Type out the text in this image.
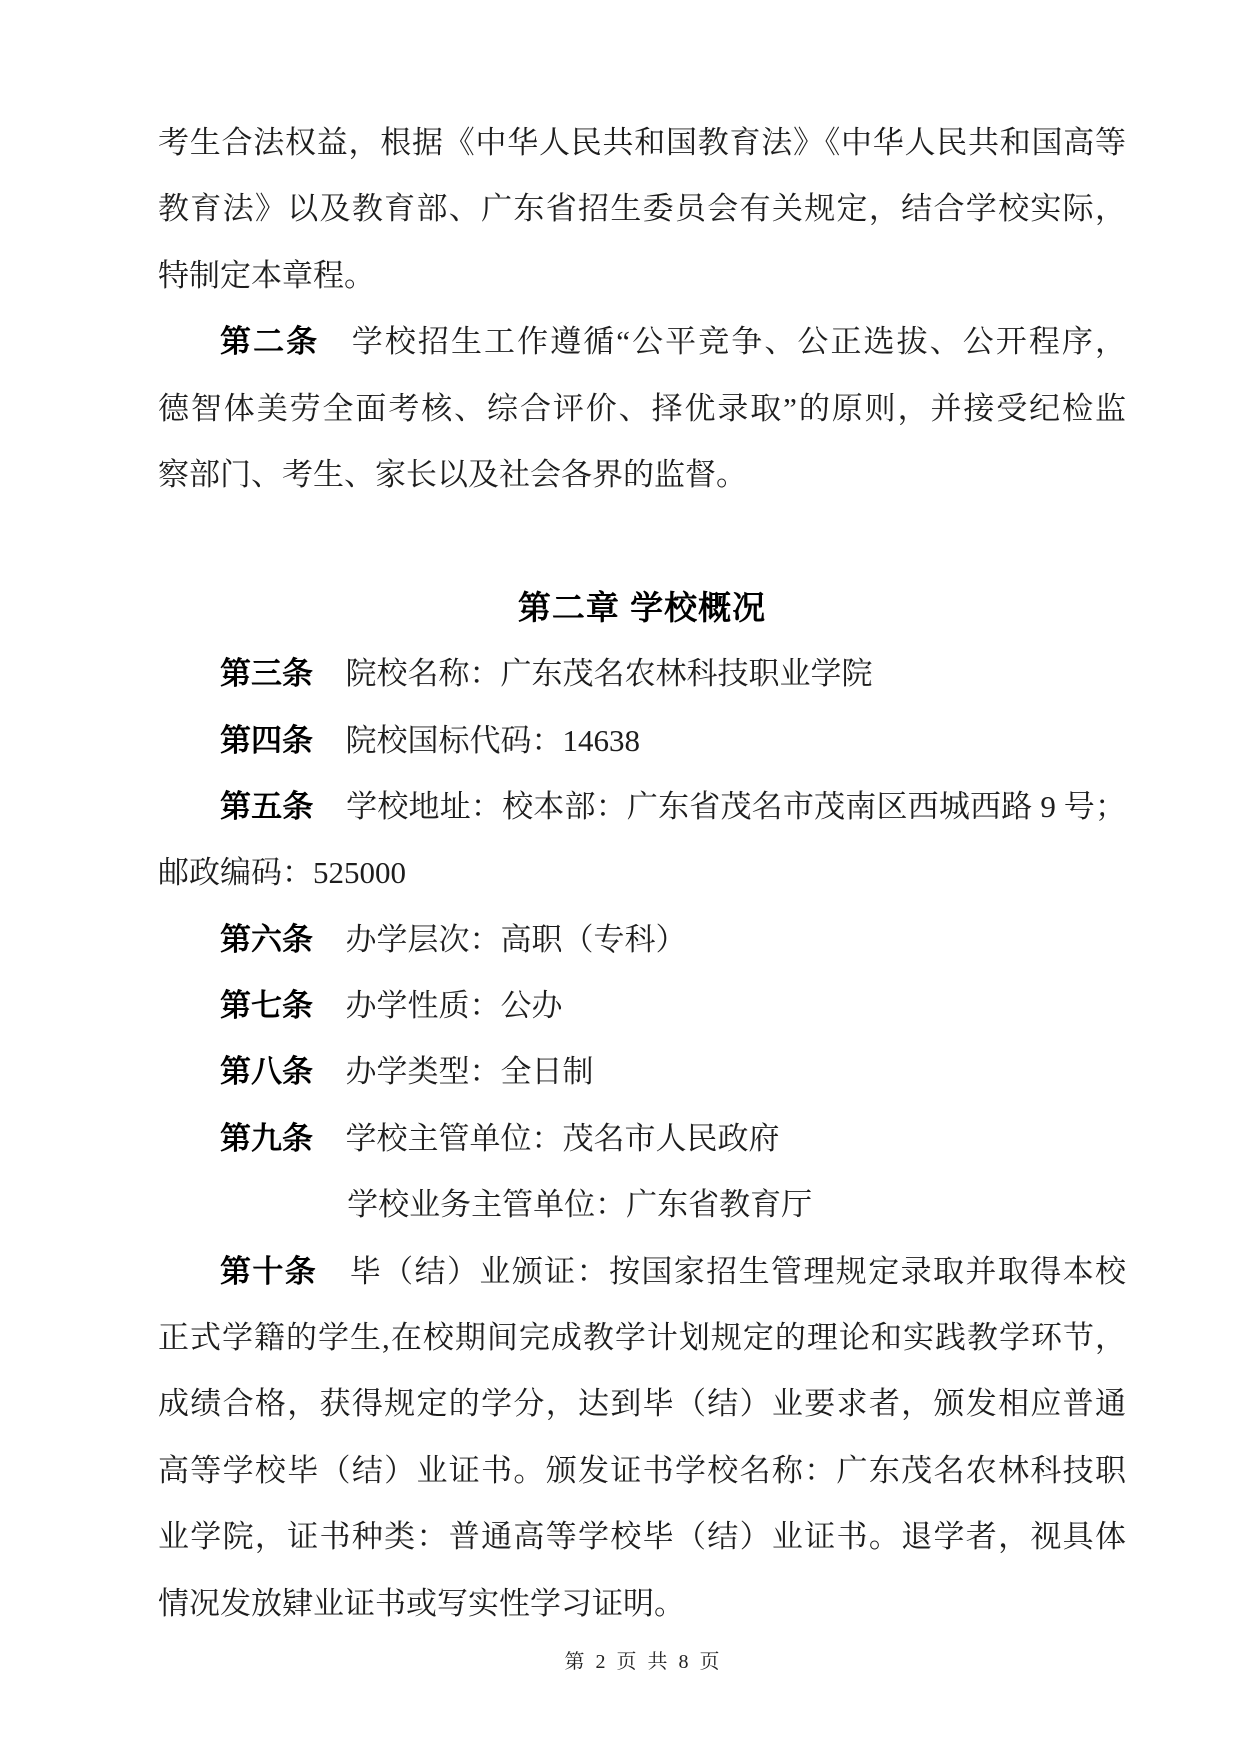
考生合法权益，根据《中华人民共和国教育法》《中华人民共和国高等
教育法》以及教育部、广东省招生委员会有关规定，结合学校实际，
特制定本章程。
第二条 学校招生工作遵循“公平竞争、公正选拔、公开程序，
德智体美劳全面考核、综合评价、择优录取”的原则，并接受纪检监
察部门、考生、家长以及社会各界的监督。
第二章 学校概况
第三条 院校名称：广东茂名农林科技职业学院
第四条 院校国标代码：14638
第五条 学校地址：校本部：广东省茂名市茂南区西城西路 9 号；
邮政编码：525000
第六条 办学层次：高职（专科）
第七条 办学性质：公办
第八条 办学类型：全日制
第九条 学校主管单位：茂名市人民政府
学校业务主管单位：广东省教育厅
第十条 毕（结）业颁证：按国家招生管理规定录取并取得本校
正式学籍的学生,在校期间完成教学计划规定的理论和实践教学环节，
成绩合格，获得规定的学分，达到毕（结）业要求者，颁发相应普通
高等学校毕（结）业证书。颁发证书学校名称：广东茂名农林科技职
业学院，证书种类：普通高等学校毕（结）业证书。退学者，视具体
情况发放肄业证书或写实性学习证明。
第 2 页 共 8 页
